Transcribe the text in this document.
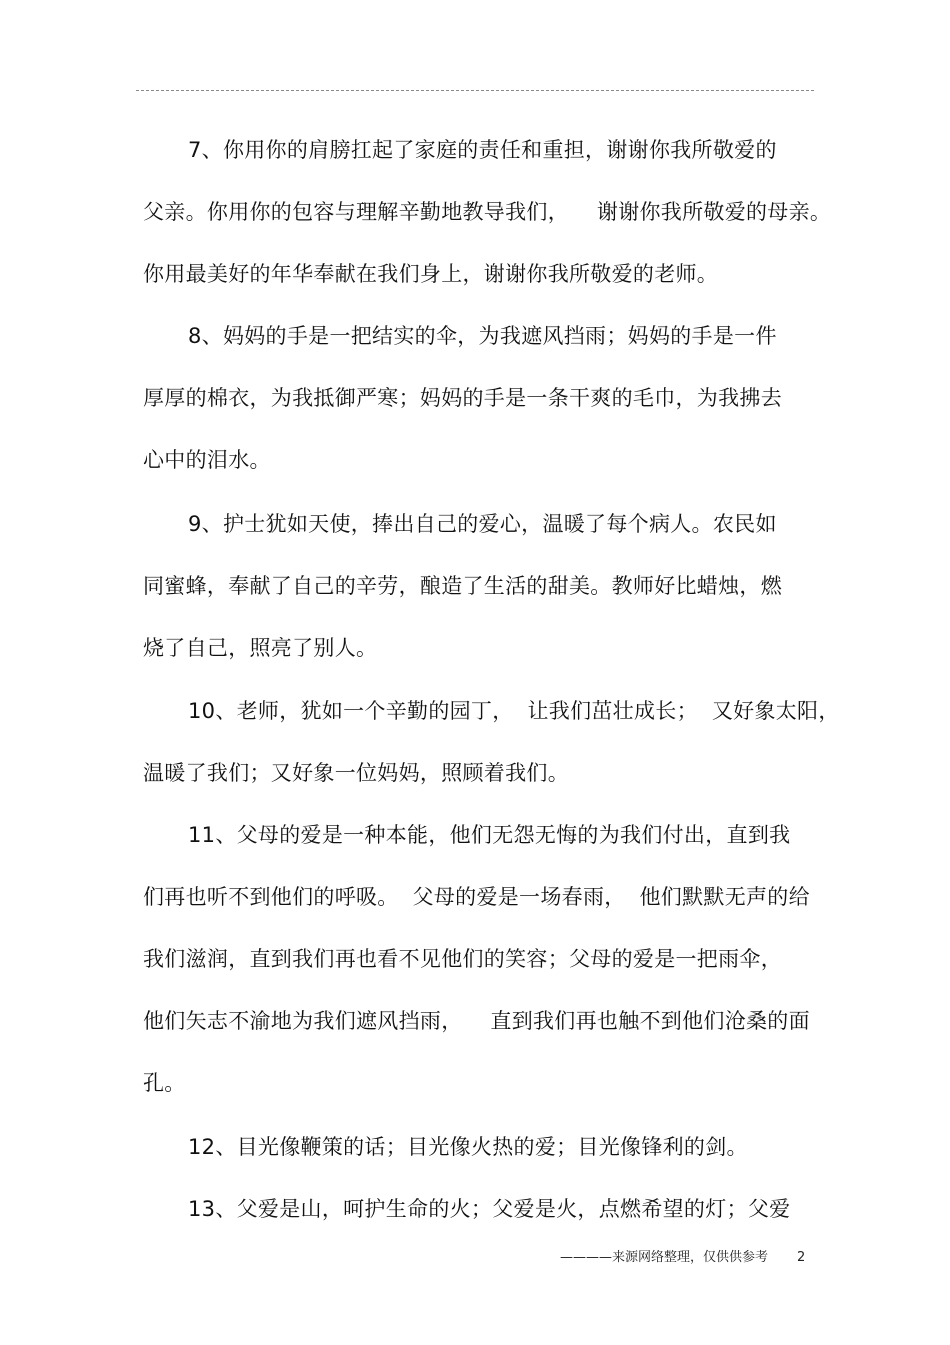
7、你用你的肩膀扛起了家庭的责任和重担，谢谢你我所敬爱的
父亲。你用你的包容与理解辛勤地教导我们，    谢谢你我所敬爱的母亲。
你用最美好的年华奉献在我们身上，谢谢你我所敬爱的老师。
8、妈妈的手是一把结实的伞，为我遮风挡雨；妈妈的手是一件
厚厚的棉衣，为我抵御严寒；妈妈的手是一条干爽的毛巾，为我拂去
心中的泪水。
9、护士犹如天使，捧出自己的爱心，温暖了每个病人。农民如
同蜜蜂，奉献了自己的辛劳，酿造了生活的甜美。教师好比蜡烛，燃
烧了自己，照亮了别人。
10、老师，犹如一个辛勤的园丁，  让我们茁壮成长；  又好象太阳，
温暖了我们；又好象一位妈妈，照顾着我们。
11、父母的爱是一种本能，他们无怨无悔的为我们付出，直到我
们再也听不到他们的呼吸。  父母的爱是一场春雨，  他们默默无声的给
我们滋润，直到我们再也看不见他们的笑容；父母的爱是一把雨伞，
他们矢志不渝地为我们遮风挡雨，    直到我们再也触不到他们沧桑的面
孔。
12、目光像鞭策的话；目光像火热的爱；目光像锋利的剑。
13、父爱是山，呵护生命的火；父爱是火，点燃希望的灯；父爱
————来源网络整理，仅供供参考 2
